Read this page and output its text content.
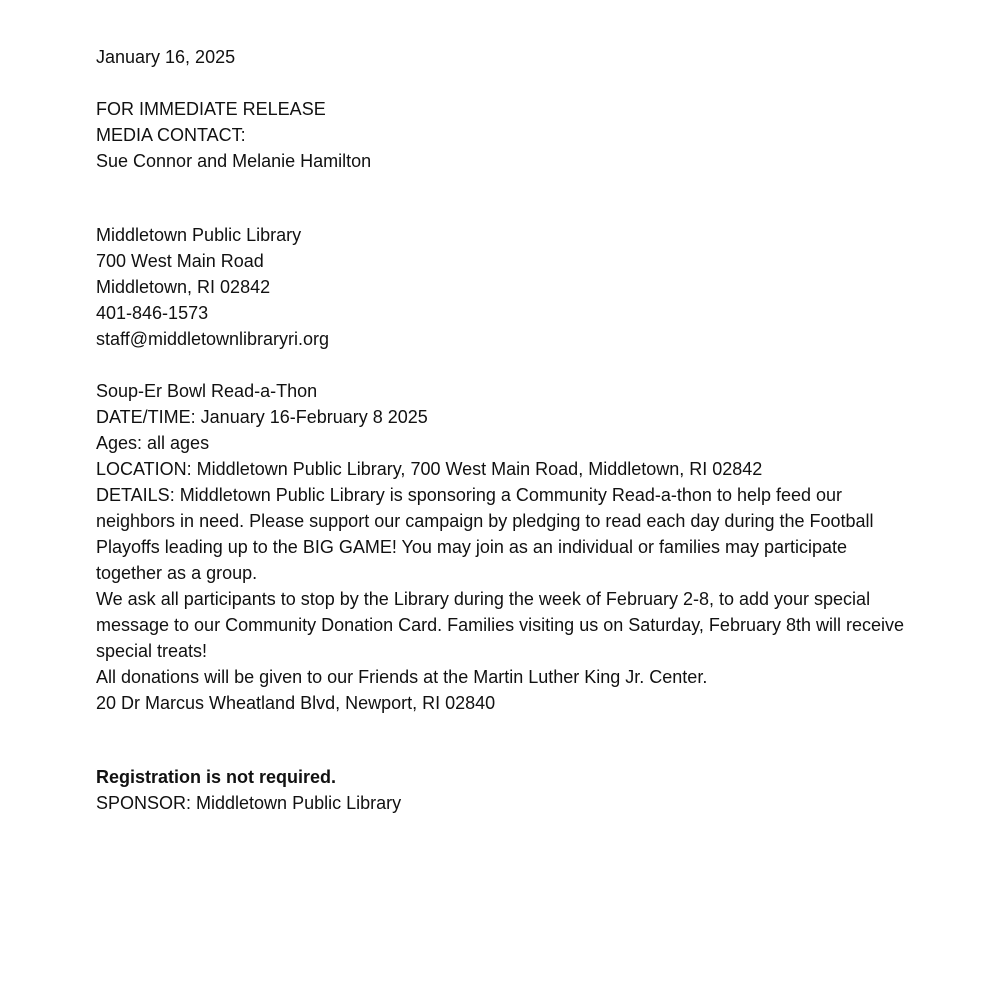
January 16, 2025

FOR IMMEDIATE RELEASE

MEDIA CONTACT:

Sue Connor and Melanie Hamilton

Middletown Public Library

700 West Main Road

Middletown, RI 02842

401-846-1573

staff@middletownlibraryri.org

Soup-Er Bowl Read-a-Thon

DATE/TIME: January 16-February 8 2025

Ages: all ages

LOCATION: Middletown Public Library, 700 West Main Road, Middletown, RI 02842

DETAILS: Middletown Public Library is sponsoring a Community Read-a-thon to help feed our neighbors in need. Please support our campaign by pledging to read each day during the Football Playoffs leading up to the BIG GAME! You may join as an individual or families may participate together as a group.

We ask all participants to stop by the Library during the week of February 2-8, to add your special message to our Community Donation Card. Families visiting us on Saturday, February 8th will receive special treats!

All donations will be given to our Friends at the Martin Luther King Jr. Center.

20 Dr Marcus Wheatland Blvd, Newport, RI 02840

Registration is not required.

SPONSOR: Middletown Public Library
